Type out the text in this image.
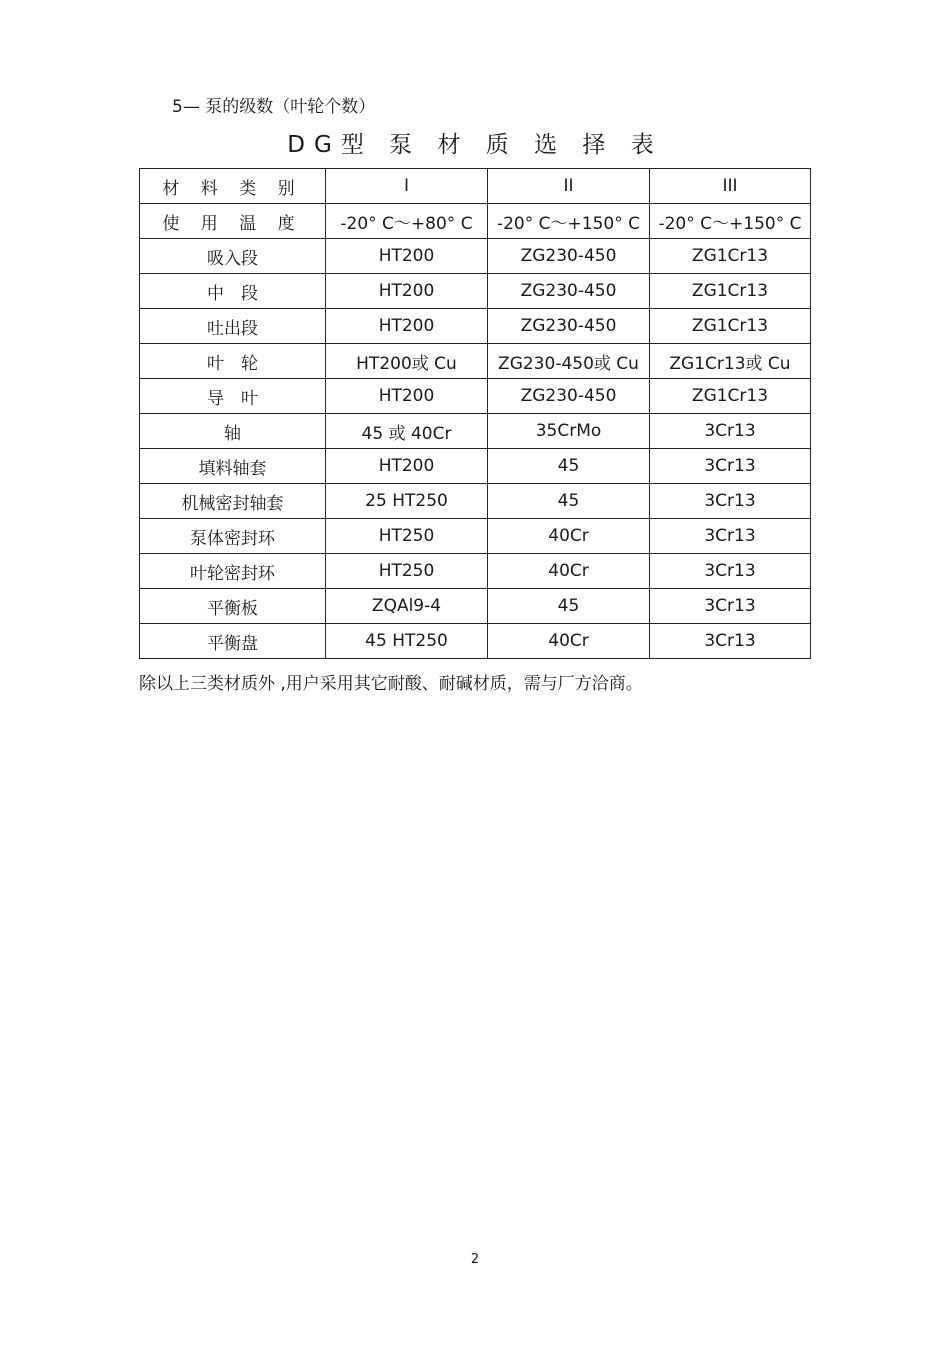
5— 泵的级数（叶轮个数）
DG型 泵 材 质 选 择 表
材 料 类 别	I	II	III
使 用 温 度	-20° C～+80° C	-20° C～+150° C	-20° C～+150° C
吸入段	HT200	ZG230-450	ZG1Cr13
中　段	HT200	ZG230-450	ZG1Cr13
吐出段	HT200	ZG230-450	ZG1Cr13
叶　轮	HT200或 Cu	ZG230-450或 Cu	ZG1Cr13或 Cu
导　叶	HT200	ZG230-450	ZG1Cr13
轴	45 或 40Cr	35CrMo	3Cr13
填料轴套	HT200	45	3Cr13
机械密封轴套	25 HT250	45	3Cr13
泵体密封环	HT250	40Cr	3Cr13
叶轮密封环	HT250	40Cr	3Cr13
平衡板	ZQAl9-4	45	3Cr13
平衡盘	45 HT250	40Cr	3Cr13
除以上三类材质外 ,用户采用其它耐酸、耐碱材质，需与厂方洽商。
2
